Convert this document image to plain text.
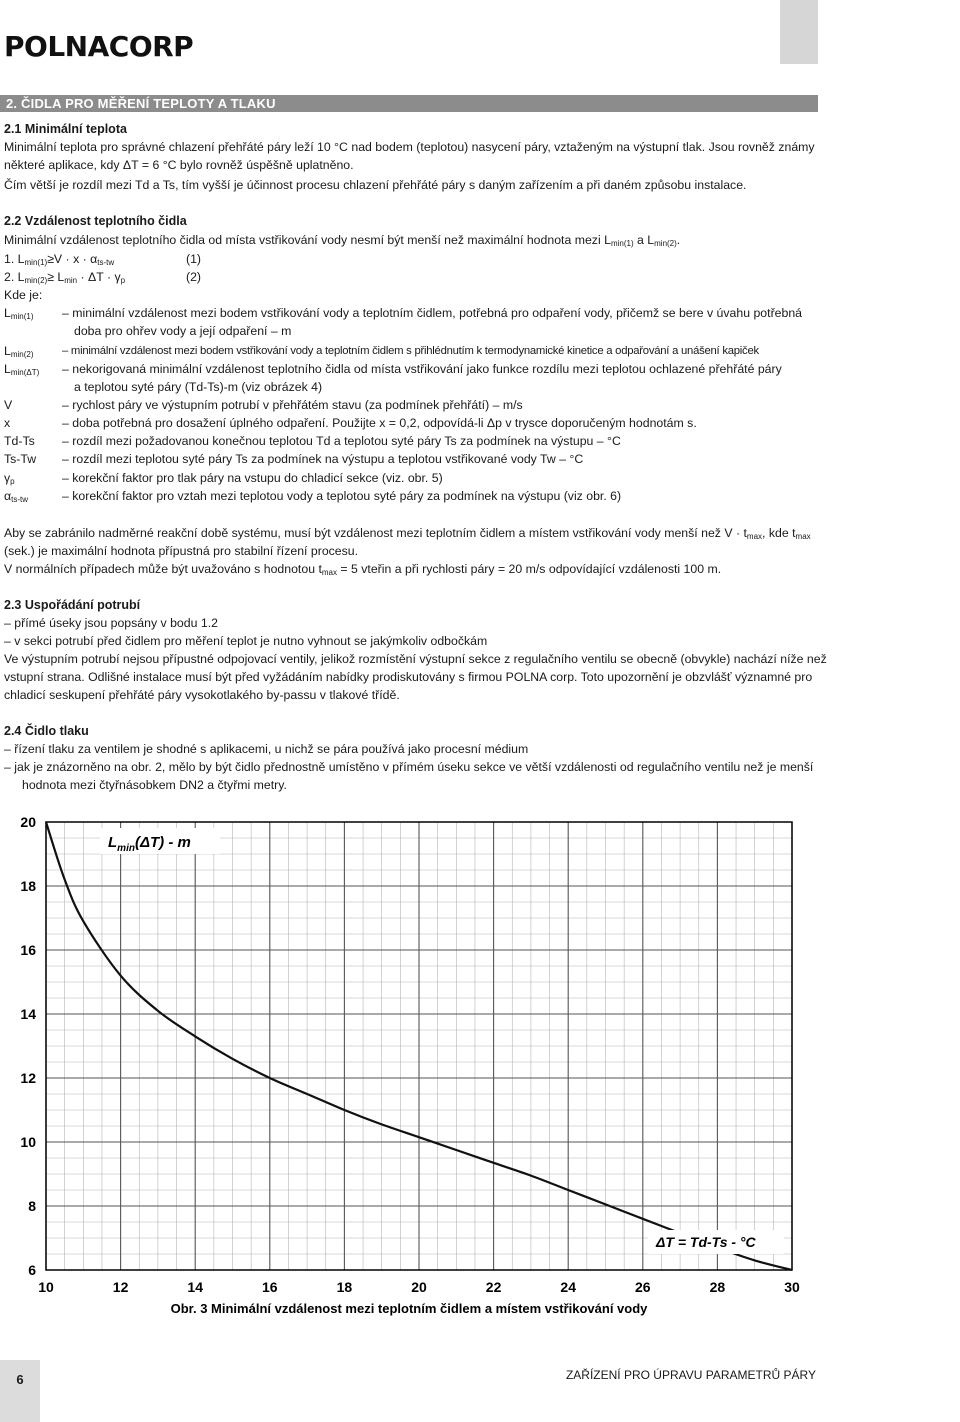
POLNACORP
2. ČIDLA PRO MĚŘENÍ TEPLOTY A TLAKU
2.1 Minimální teplota
Minimální teplota pro správné chlazení přehřáté páry leží 10 °C nad bodem (teplotou) nasycení páry, vztaženým na výstupní tlak. Jsou rovněž známy
některé aplikace, kdy ΔT = 6 °C bylo rovněž úspěšně uplatněno.
Čím větší je rozdíl mezi Td a Ts, tím vyšší je účinnost procesu chlazení přehřáté páry s daným zařízením a při daném způsobu instalace.
2.2 Vzdálenost teplotního čidla
Minimální vzdálenost teplotního čidla od místa vstřikování vody nesmí být menší než maximální hodnota mezi $L_{min(1)}$ a $L_{min(2)}$.
1. $L_{min(1)}\ge V \cdot x \cdot \alpha_{ts-tw}$	(1)
2. $L_{min(2)}\ge L_{min} \cdot \Delta T \cdot \gamma_p$	(2)
Kde je:
$L_{min(1)}$ – minimální vzdálenost mezi bodem vstřikování vody a teplotním čidlem, potřebná pro odpaření vody, přičemž se bere v úvahu potřebná
doba pro ohřev vody a její odpaření – m
$L_{min(2)}$	– minimální vzdálenost mezi bodem vstřikování vody a teplotním čidlem s přihlédnutím k termodynamické kinetice a odpařování a unášení kapiček
$L_{min(\Delta T)}$ – nekorigovaná minimální vzdálenost teplotního čidla od místa vstřikování jako funkce rozdílu mezi teplotou ochlazené přehřáté páry
a teplotou syté páry (Td-Ts)-m (viz obrázek 4)
V	– rychlost páry ve výstupním potrubí v přehřátém stavu (za podmínek přehřátí) – m/s
x	– doba potřebná pro dosažení úplného odpaření. Použijte x = 0,2, odpovídá-li Δp v trysce doporučeným hodnotám s.
Td-Ts – rozdíl mezi požadovanou konečnou teplotou Td a teplotou syté páry Ts za podmínek na výstupu – °C
Ts-Tw – rozdíl mezi teplotou syté páry Ts za podmínek na výstupu a teplotou vstřikované vody Tw – °C
$\gamma_p$	– korekční faktor pro tlak páry na vstupu do chladicí sekce (viz. obr. 5)
$\alpha_{ts-tw}$	– korekční faktor pro vztah mezi teplotou vody a teplotou syté páry za podmínek na výstupu (viz obr. 6)
Aby se zabránilo nadměrné reakční době systému, musí být vzdálenost mezi teplotním čidlem a místem vstřikování vody menší než $V \cdot t_{max}$, kde $t_{max}$
(sek.) je maximální hodnota přípustná pro stabilní řízení procesu.
V normálních případech může být uvažováno s hodnotou $t_{max} = 5$ vteřin a při rychlosti páry = 20 m/s odpovídající vzdálenosti 100 m.
2.3 Uspořádání potrubí
– přímé úseky jsou popsány v bodu 1.2
– v sekci potrubí před čidlem pro měření teplot je nutno vyhnout se jakýmkoliv odbočkám
Ve výstupním potrubí nejsou přípustné odpojovací ventily, jelikož rozmístění výstupní sekce z regulačního ventilu se obecně (obvykle) nachází níže než
vstupní strana. Odlišné instalace musí být před vyžádáním nabídky prodiskutovány s firmou POLNA corp. Toto upozornění je obzvlášť významné pro
chladicí seskupení přehřáté páry vysokotlakého by-passu v tlakové třídě.
2.4 Čidlo tlaku
– řízení tlaku za ventilem je shodné s aplikacemi, u nichž se pára používá jako procesní médium
– jak je znázorněno na obr. 2, mělo by být čidlo přednostně umístěno v přímém úseku sekce ve větší vzdálenosti od regulačního ventilu než je menší
hodnota mezi čtyřnásobkem DN2 a čtyřmi metry.
6
8
10
12
14
16
18
20
10	12	14	16	18	20	22	24	26	28	30
$L_{min}(\Delta T)$ - m
ΔT = Td-Ts - °C
Obr. 3 Minimální vzdálenost mezi teplotním čidlem a místem vstřikování vody
6	ZAŘÍZENÍ PRO ÚPRAVU PARAMETRŮ PÁRY
